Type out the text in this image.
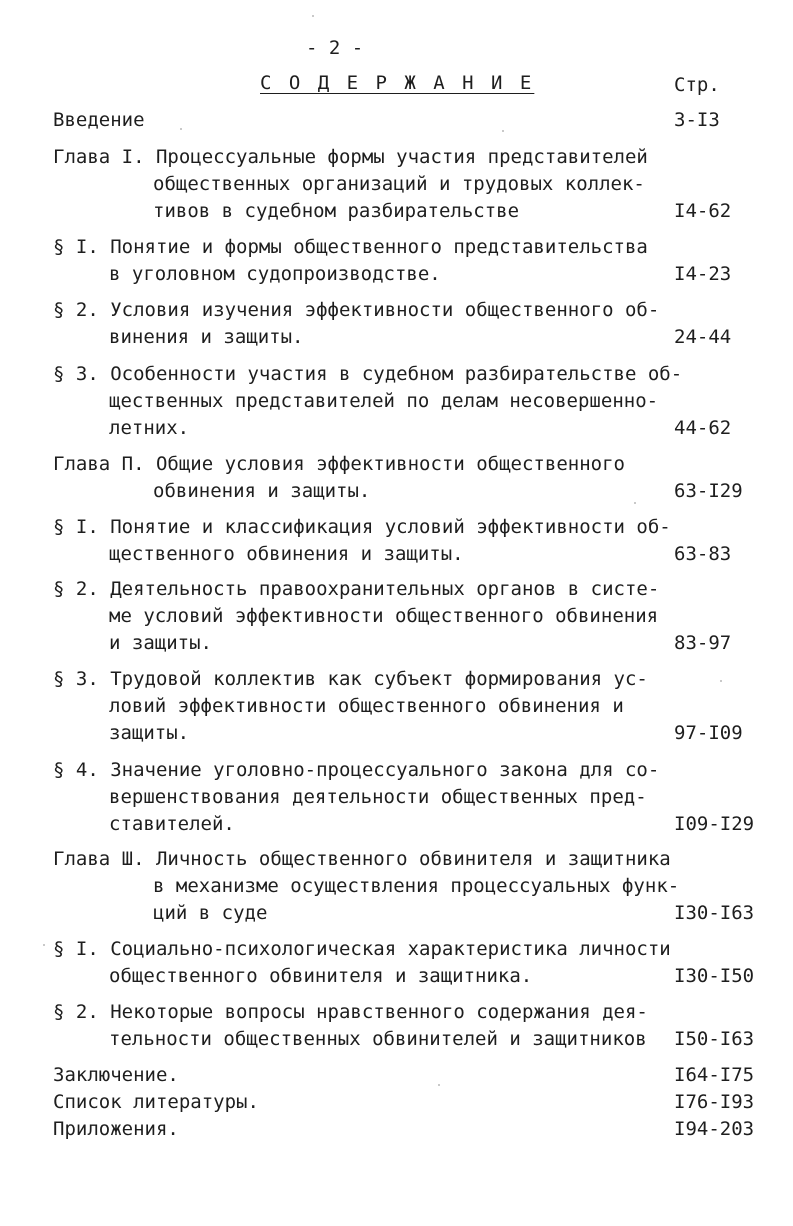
- 2 -
С О Д Е Р Ж А Н И Е	Стр.
Введение	3-I3
Глава I. Процессуальные формы участия представителей
общественных организаций и трудовых коллек-
тивов в судебном разбирательстве	I4-62
§ I. Понятие и формы общественного представительства
в уголовном судопроизводстве.	I4-23
§ 2. Условия изучения эффективности общественного об-
винения и защиты.	24-44
§ 3. Особенности участия в судебном разбирательстве об-
щественных представителей по делам несовершенно-
летних.	44-62
Глава П. Общие условия эффективности общественного
обвинения и защиты.	63-I29
§ I. Понятие и классификация условий эффективности об-
щественного обвинения и защиты.	63-83
§ 2. Деятельность правоохранительных органов в систе-
ме условий эффективности общественного обвинения
и защиты.	83-97
§ 3. Трудовой коллектив как субъект формирования ус-
ловий эффективности общественного обвинения и
защиты.	97-I09
§ 4. Значение уголовно-процессуального закона для со-
вершенствования деятельности общественных пред-
ставителей.	I09-I29
Глава Ш. Личность общественного обвинителя и защитника
в механизме осуществления процессуальных функ-
ций в суде	I30-I63
§ I. Социально-психологическая характеристика личности
общественного обвинителя и защитника.	I30-I50
§ 2. Некоторые вопросы нравственного содержания дея-
тельности общественных обвинителей и защитников I50-I63
Заключение.	I64-I75
Список литературы.	I76-I93
Приложения.	I94-203
